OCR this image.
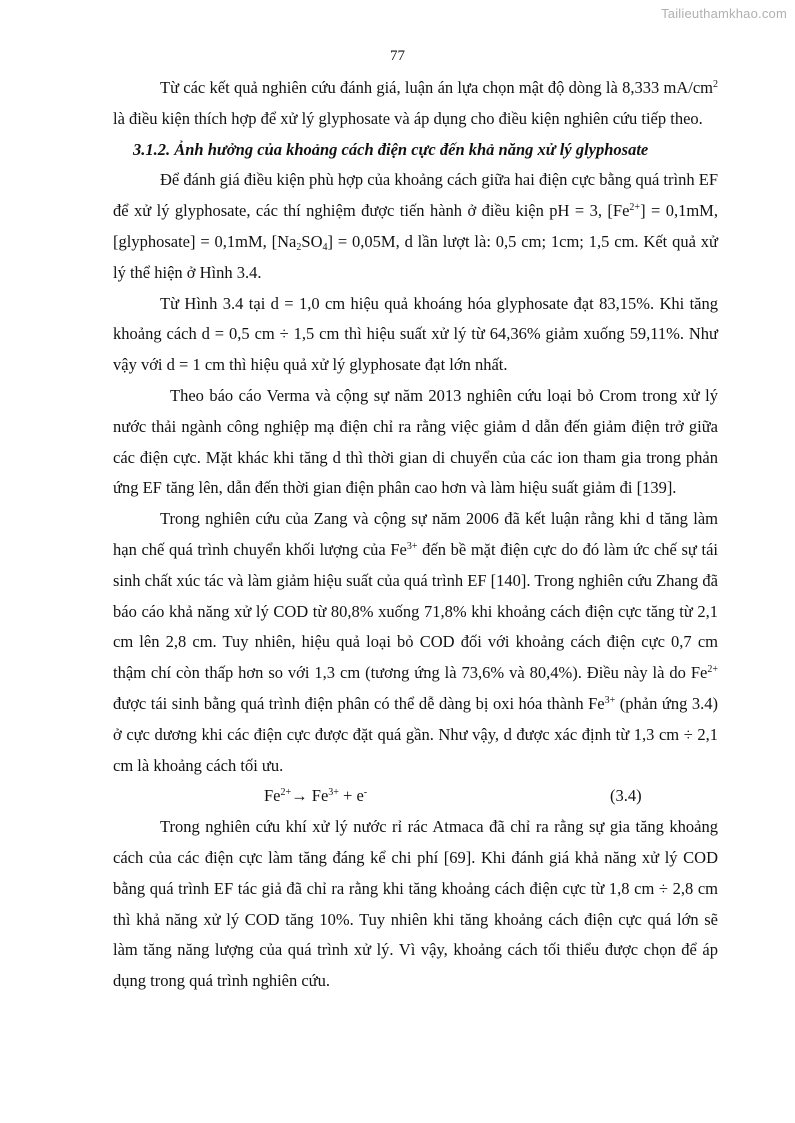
Tailieuthamkhao.com
77

Từ các kết quả nghiên cứu đánh giá, luận án lựa chọn mật độ dòng là 8,333 $mA/cm^2$ là điều kiện thích hợp để xử lý glyphosate và áp dụng cho điều kiện nghiên cứu tiếp theo.

3.1.2. Ảnh hưởng của khoảng cách điện cực đến khả năng xử lý glyphosate

Để đánh giá điều kiện phù hợp của khoảng cách giữa hai điện cực bằng quá trình EF để xử lý glyphosate, các thí nghiệm được tiến hành ở điều kiện pH = 3, $[Fe^{2+}] = 0,1mM$, [glyphosate] = 0,1mM, $[Na_2SO_4] = 0,05M$, d lần lượt là: 0,5 cm; 1cm; 1,5 cm. Kết quả xử lý thể hiện ở Hình 3.4.

Từ Hình 3.4 tại d = 1,0 cm hiệu quả khoáng hóa glyphosate đạt 83,15%. Khi tăng khoảng cách d = 0,5 cm ÷ 1,5 cm thì hiệu suất xử lý từ 64,36% giảm xuống 59,11%. Như vậy với d = 1 cm thì hiệu quả xử lý glyphosate đạt lớn nhất.

Theo báo cáo Verma và cộng sự năm 2013 nghiên cứu loại bỏ Crom trong xử lý nước thải ngành công nghiệp mạ điện chỉ ra rằng việc giảm d dẫn đến giảm điện trở giữa các điện cực. Mặt khác khi tăng d thì thời gian di chuyển của các ion tham gia trong phản ứng EF tăng lên, dẫn đến thời gian điện phân cao hơn và làm hiệu suất giảm đi [139].

Trong nghiên cứu của Zang và cộng sự năm 2006 đã kết luận rằng khi d tăng làm hạn chế quá trình chuyển khối lượng của $Fe^{3+}$ đến bề mặt điện cực do đó làm ức chế sự tái sinh chất xúc tác và làm giảm hiệu suất của quá trình EF [140]. Trong nghiên cứu Zhang đã báo cáo khả năng xử lý COD từ 80,8% xuống 71,8% khi khoảng cách điện cực tăng từ 2,1 cm lên 2,8 cm. Tuy nhiên, hiệu quả loại bỏ COD đối với khoảng cách điện cực 0,7 cm thậm chí còn thấp hơn so với 1,3 cm (tương ứng là 73,6% và 80,4%). Điều này là do $Fe^{2+}$ được tái sinh bằng quá trình điện phân có thể dễ dàng bị oxi hóa thành $Fe^{3+}$ (phản ứng 3.4) ở cực dương khi các điện cực được đặt quá gần. Như vậy, d được xác định từ 1,3 cm ÷ 2,1 cm là khoảng cách tối ưu.

$Fe^{2+}\to Fe^{3+} + e^-$	(3.4)

Trong nghiên cứu khí xử lý nước rỉ rác Atmaca đã chỉ ra rằng sự gia tăng khoảng cách của các điện cực làm tăng đáng kể chi phí [69]. Khi đánh giá khả năng xử lý COD bằng quá trình EF tác giả đã chỉ ra rằng khi tăng khoảng cách điện cực từ 1,8 cm ÷ 2,8 cm thì khả năng xử lý COD tăng 10%. Tuy nhiên khi tăng khoảng cách điện cực quá lớn sẽ làm tăng năng lượng của quá trình xử lý. Vì vậy, khoảng cách tối thiểu được chọn để áp dụng trong quá trình nghiên cứu.
